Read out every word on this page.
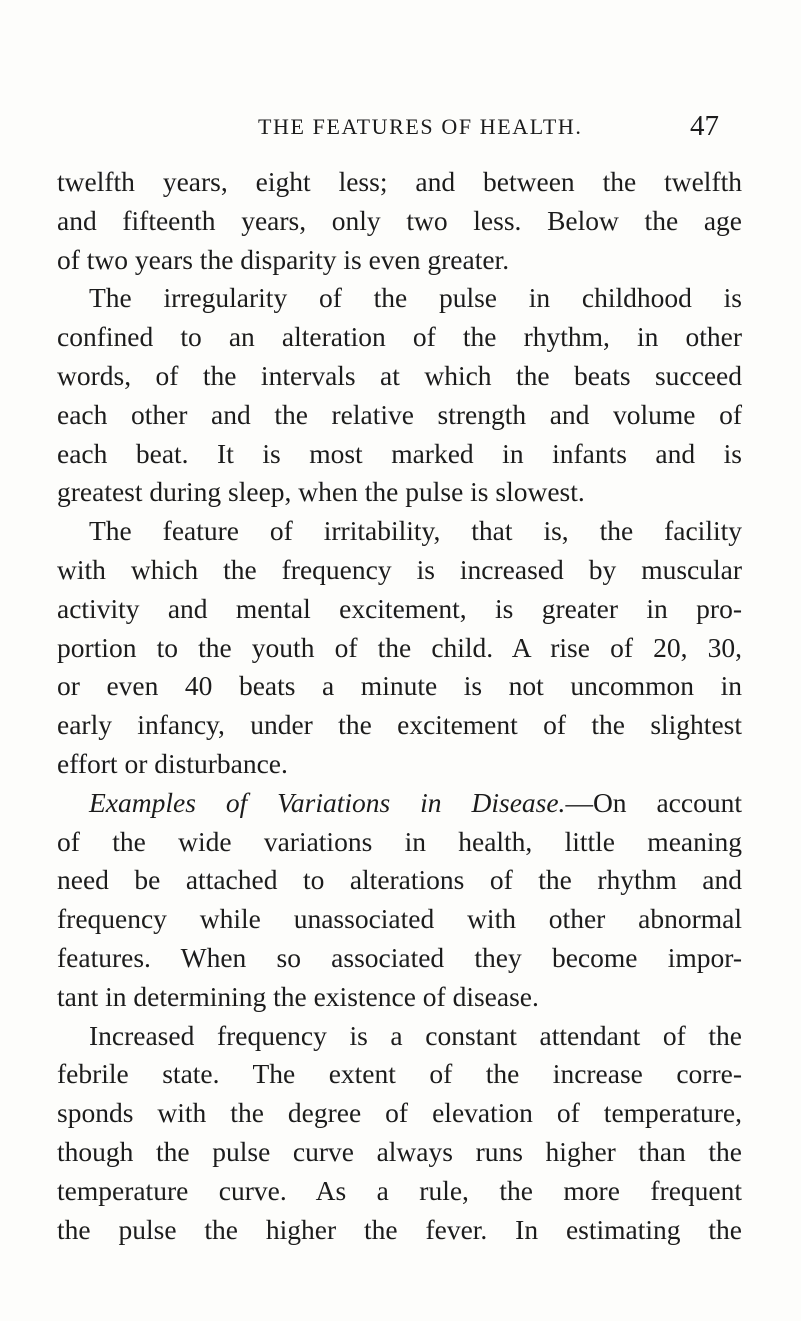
THE FEATURES OF HEALTH.	47
twelfth years, eight less; and between the twelfth
and fifteenth years, only two less. Below the age
of two years the disparity is even greater.
The irregularity of the pulse in childhood is
confined to an alteration of the rhythm, in other
words, of the intervals at which the beats succeed
each other and the relative strength and volume of
each beat. It is most marked in infants and is
greatest during sleep, when the pulse is slowest.
The feature of irritability, that is, the facility
with which the frequency is increased by muscular
activity and mental excitement, is greater in pro-
portion to the youth of the child. A rise of 20, 30,
or even 40 beats a minute is not uncommon in
early infancy, under the excitement of the slightest
effort or disturbance.
Examples of Variations in Disease.—On account
of the wide variations in health, little meaning
need be attached to alterations of the rhythm and
frequency while unassociated with other abnormal
features. When so associated they become impor-
tant in determining the existence of disease.
Increased frequency is a constant attendant of the
febrile state. The extent of the increase corre-
sponds with the degree of elevation of temperature,
though the pulse curve always runs higher than the
temperature curve. As a rule, the more frequent
the pulse the higher the fever. In estimating the
